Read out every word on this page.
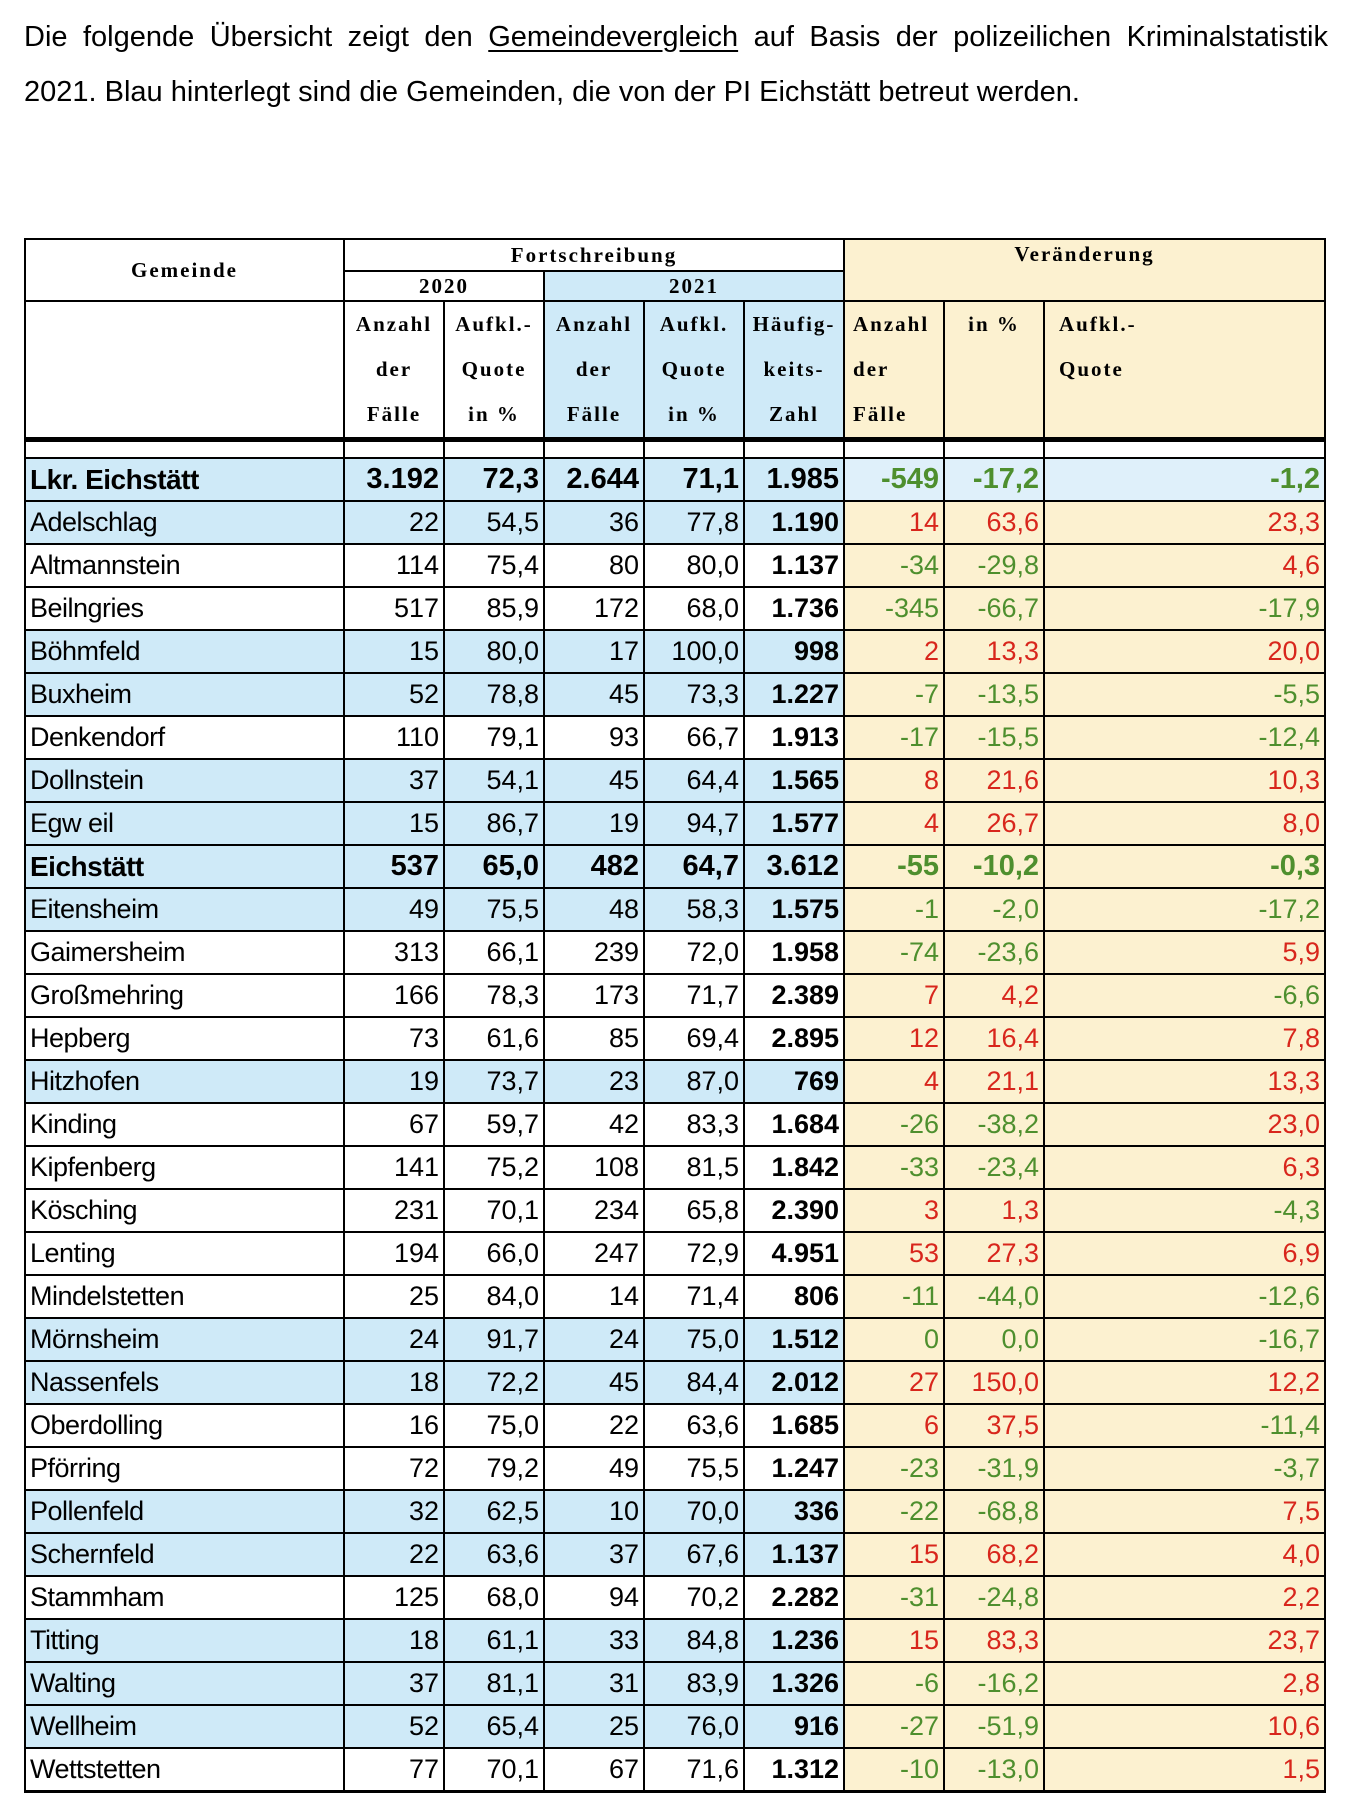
Die folgende Übersicht zeigt den Gemeindevergleich auf Basis der polizeilichen Kriminalstatistik 2021. Blau hinterlegt sind die Gemeinden, die von der PI Eichstätt betreut werden.
Gemeinde	Fortschreibung					Veränderung		
	2020		2021					
	Anzahl
der
Fälle	Aufkl.-
Quote
in %	Anzahl
der
Fälle	Aufkl.
Quote
in %	Häufig-
keits-
Zahl	Anzahl
der
Fälle	in %	Aufkl.-
Quote

Lkr. Eichstätt	3.192	72,3	2.644	71,1	1.985	-549	-17,2	-1,2
Adelschlag	22	54,5	36	77,8	1.190	14	63,6	23,3
Altmannstein	114	75,4	80	80,0	1.137	-34	-29,8	4,6
Beilngries	517	85,9	172	68,0	1.736	-345	-66,7	-17,9
Böhmfeld	15	80,0	17	100,0	998	2	13,3	20,0
Buxheim	52	78,8	45	73,3	1.227	-7	-13,5	-5,5
Denkendorf	110	79,1	93	66,7	1.913	-17	-15,5	-12,4
Dollnstein	37	54,1	45	64,4	1.565	8	21,6	10,3
Egw eil	15	86,7	19	94,7	1.577	4	26,7	8,0
Eichstätt	537	65,0	482	64,7	3.612	-55	-10,2	-0,3
Eitensheim	49	75,5	48	58,3	1.575	-1	-2,0	-17,2
Gaimersheim	313	66,1	239	72,0	1.958	-74	-23,6	5,9
Großmehring	166	78,3	173	71,7	2.389	7	4,2	-6,6
Hepberg	73	61,6	85	69,4	2.895	12	16,4	7,8
Hitzhofen	19	73,7	23	87,0	769	4	21,1	13,3
Kinding	67	59,7	42	83,3	1.684	-26	-38,2	23,0
Kipfenberg	141	75,2	108	81,5	1.842	-33	-23,4	6,3
Kösching	231	70,1	234	65,8	2.390	3	1,3	-4,3
Lenting	194	66,0	247	72,9	4.951	53	27,3	6,9
Mindelstetten	25	84,0	14	71,4	806	-11	-44,0	-12,6
Mörnsheim	24	91,7	24	75,0	1.512	0	0,0	-16,7
Nassenfels	18	72,2	45	84,4	2.012	27	150,0	12,2
Oberdolling	16	75,0	22	63,6	1.685	6	37,5	-11,4
Pförring	72	79,2	49	75,5	1.247	-23	-31,9	-3,7
Pollenfeld	32	62,5	10	70,0	336	-22	-68,8	7,5
Schernfeld	22	63,6	37	67,6	1.137	15	68,2	4,0
Stammham	125	68,0	94	70,2	2.282	-31	-24,8	2,2
Titting	18	61,1	33	84,8	1.236	15	83,3	23,7
Walting	37	81,1	31	83,9	1.326	-6	-16,2	2,8
Wellheim	52	65,4	25	76,0	916	-27	-51,9	10,6
Wettstetten	77	70,1	67	71,6	1.312	-10	-13,0	1,5
